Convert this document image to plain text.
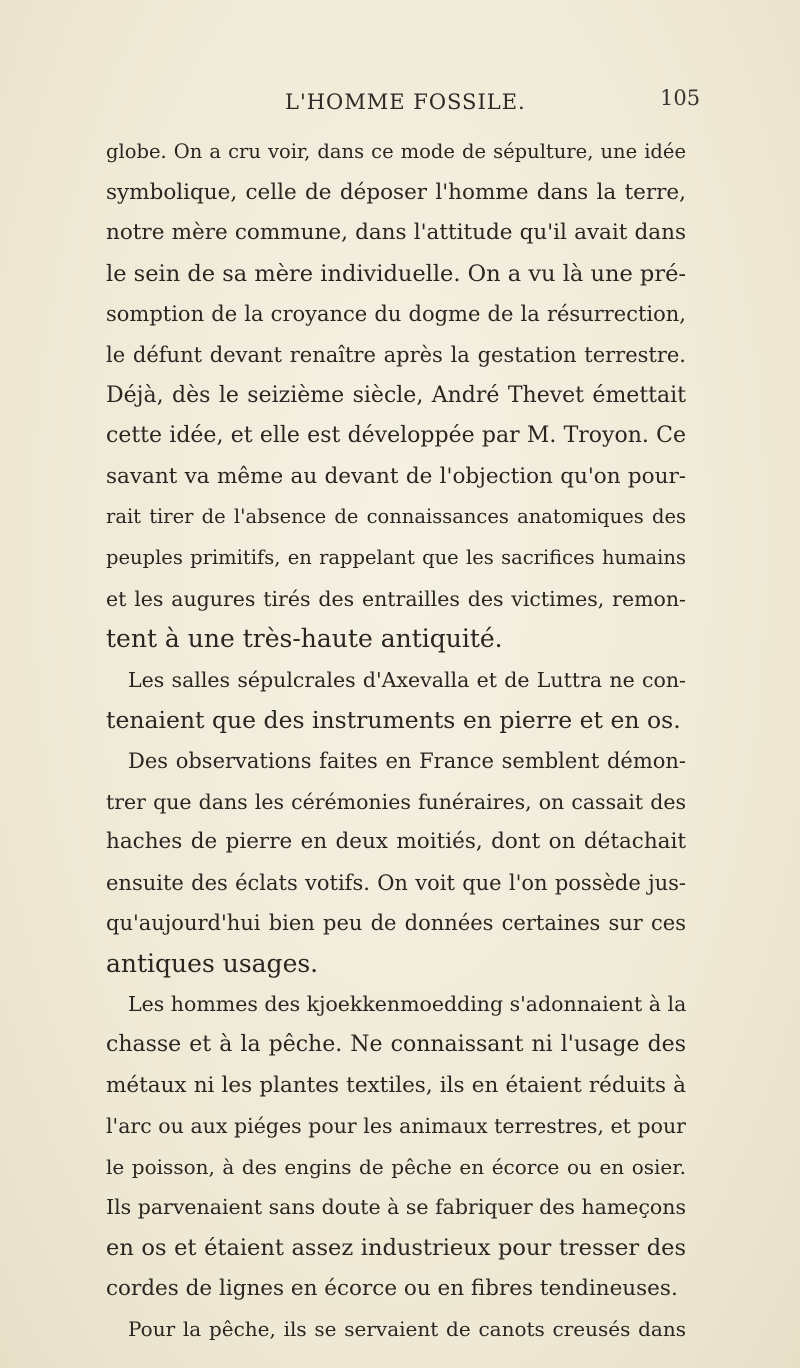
L'HOMME FOSSILE.	105
globe. On a cru voir, dans ce mode de sépulture, une idée
symbolique, celle de déposer l'homme dans la terre,
notre mère commune, dans l'attitude qu'il avait dans
le sein de sa mère individuelle. On a vu là une pré-
somption de la croyance du dogme de la résurrection,
le défunt devant renaître après la gestation terrestre.
Déjà, dès le seizième siècle, André Thevet émettait
cette idée, et elle est développée par M. Troyon. Ce
savant va même au devant de l'objection qu'on pour-
rait tirer de l'absence de connaissances anatomiques des
peuples primitifs, en rappelant que les sacrifices humains
et les augures tirés des entrailles des victimes, remon-
tent à une très-haute antiquité.
Les salles sépulcrales d'Axevalla et de Luttra ne con-
tenaient que des instruments en pierre et en os.
Des observations faites en France semblent démon-
trer que dans les cérémonies funéraires, on cassait des
haches de pierre en deux moitiés, dont on détachait
ensuite des éclats votifs. On voit que l'on possède jus-
qu'aujourd'hui bien peu de données certaines sur ces
antiques usages.
Les hommes des kjoekkenmoedding s'adonnaient à la
chasse et à la pêche. Ne connaissant ni l'usage des
métaux ni les plantes textiles, ils en étaient réduits à
l'arc ou aux piéges pour les animaux terrestres, et pour
le poisson, à des engins de pêche en écorce ou en osier.
Ils parvenaient sans doute à se fabriquer des hameçons
en os et étaient assez industrieux pour tresser des
cordes de lignes en écorce ou en fibres tendineuses.
Pour la pêche, ils se servaient de canots creusés dans
